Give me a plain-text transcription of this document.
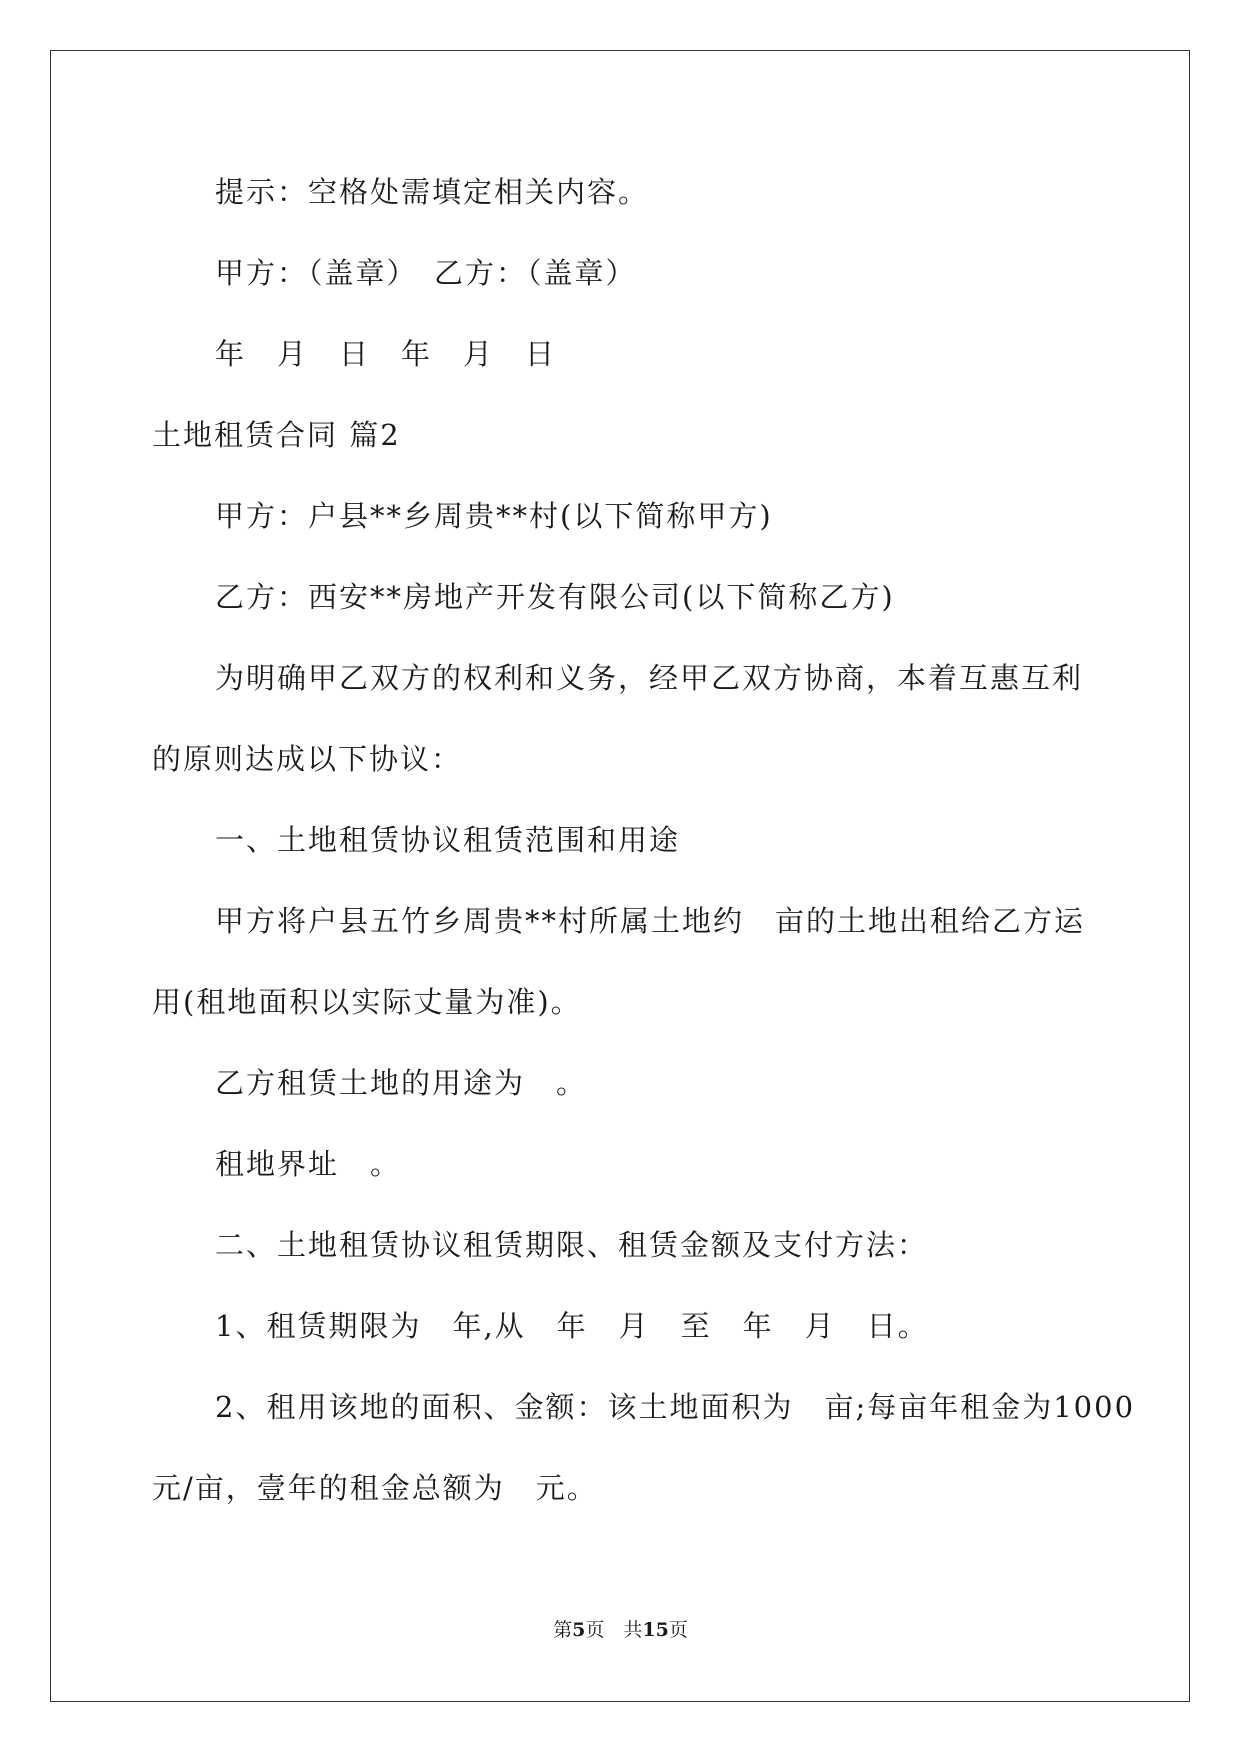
提示：空格处需填定相关内容。
甲方：（盖章）　乙方：（盖章）
年　月　日　年　月　日
土地租赁合同 篇2
甲方：户县**乡周贵**村(以下简称甲方)
乙方：西安**房地产开发有限公司(以下简称乙方)
为明确甲乙双方的权利和义务，经甲乙双方协商，本着互惠互利
的原则达成以下协议：
一、土地租赁协议租赁范围和用途
甲方将户县五竹乡周贵**村所属土地约　亩的土地出租给乙方运
用(租地面积以实际丈量为准)。
乙方租赁土地的用途为　。
租地界址　。
二、土地租赁协议租赁期限、租赁金额及支付方法：
1、租赁期限为　年,从　年　月　至　年　月　日。
2、租用该地的面积、金额：该土地面积为　亩;每亩年租金为1000
元/亩，壹年的租金总额为　元。
第5页　共15页
